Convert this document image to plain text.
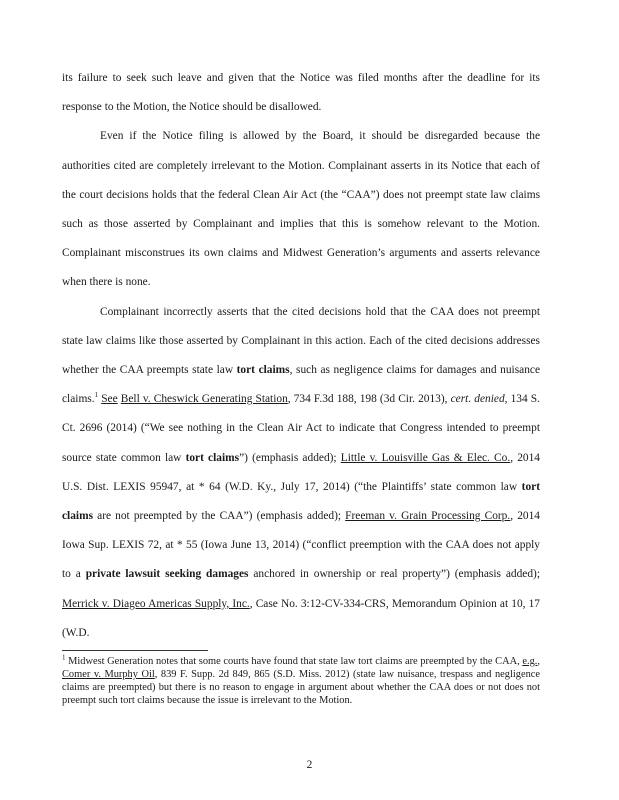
its failure to seek such leave and given that the Notice was filed months after the deadline for its response to the Motion, the Notice should be disallowed.

Even if the Notice filing is allowed by the Board, it should be disregarded because the authorities cited are completely irrelevant to the Motion. Complainant asserts in its Notice that each of the court decisions holds that the federal Clean Air Act (the “CAA”) does not preempt state law claims such as those asserted by Complainant and implies that this is somehow relevant to the Motion. Complainant misconstrues its own claims and Midwest Generation’s arguments and asserts relevance when there is none.

Complainant incorrectly asserts that the cited decisions hold that the CAA does not preempt state law claims like those asserted by Complainant in this action. Each of the cited decisions addresses whether the CAA preempts state law tort claims, such as negligence claims for damages and nuisance claims.$^1$ See Bell v. Cheswick Generating Station, 734 F.3d 188, 198 (3d Cir. 2013), cert. denied, 134 S. Ct. 2696 (2014) (“We see nothing in the Clean Air Act to indicate that Congress intended to preempt source state common law tort claims”) (emphasis added); Little v. Louisville Gas & Elec. Co., 2014 U.S. Dist. LEXIS 95947, at * 64 (W.D. Ky., July 17, 2014) (“the Plaintiffs’ state common law tort claims are not preempted by the CAA”) (emphasis added); Freeman v. Grain Processing Corp., 2014 Iowa Sup. LEXIS 72, at * 55 (Iowa June 13, 2014) (“conflict preemption with the CAA does not apply to a private lawsuit seeking damages anchored in ownership or real property”) (emphasis added); Merrick v. Diageo Americas Supply, Inc., Case No. 3:12-CV-334-CRS, Memorandum Opinion at 10, 17 (W.D.

$^1$ Midwest Generation notes that some courts have found that state law tort claims are preempted by the CAA, e.g., Comer v. Murphy Oil, 839 F. Supp. 2d 849, 865 (S.D. Miss. 2012) (state law nuisance, trespass and negligence claims are preempted) but there is no reason to engage in argument about whether the CAA does or not does not preempt such tort claims because the issue is irrelevant to the Motion.
2
